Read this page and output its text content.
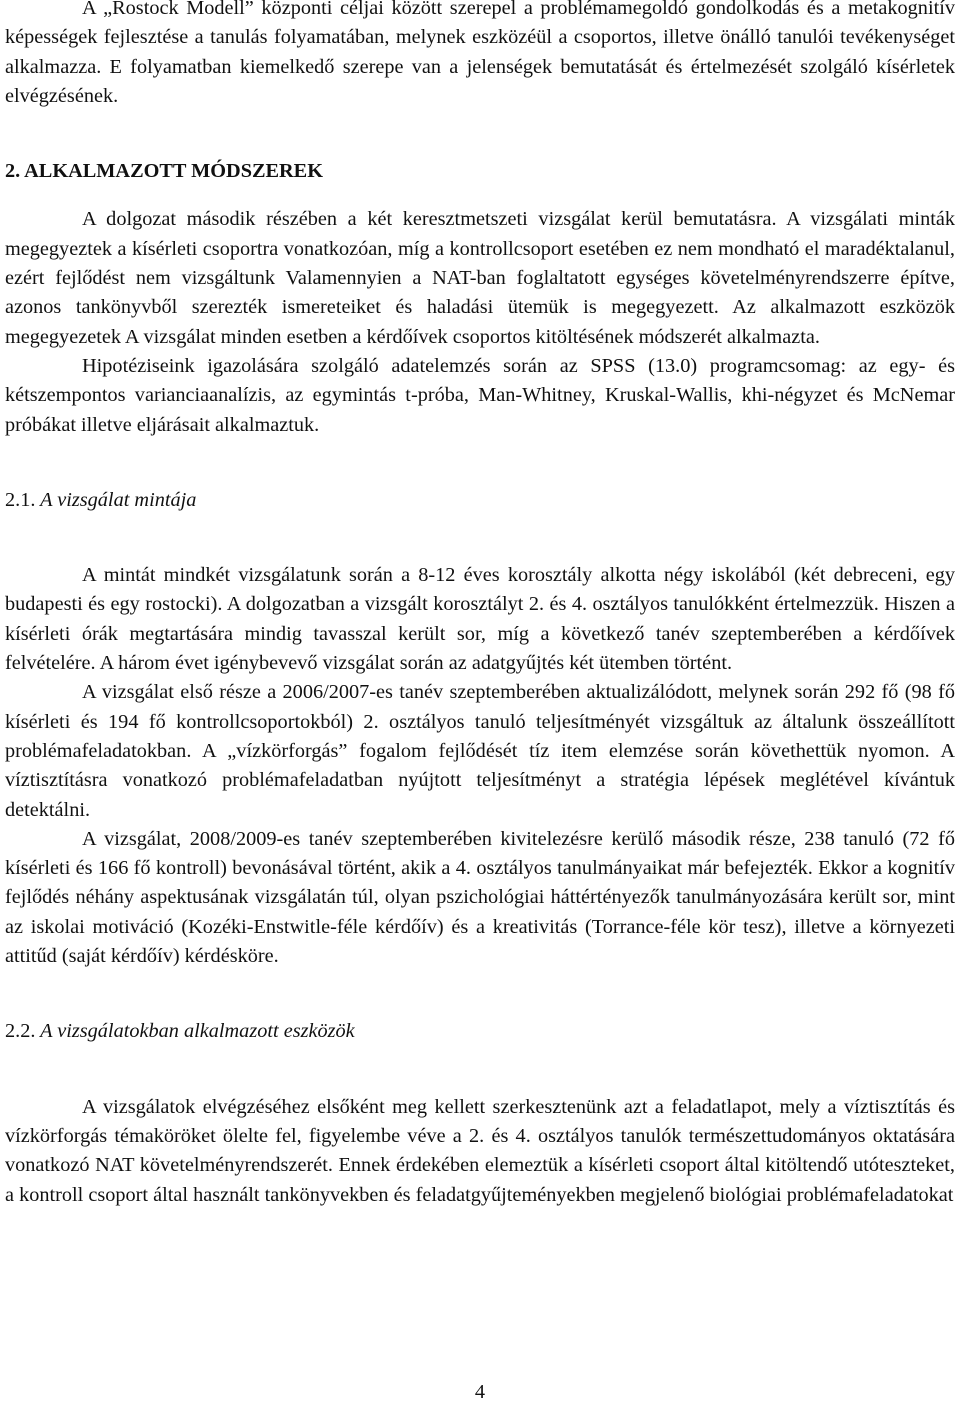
A „Rostock Modell” központi céljai között szerepel a problémamegoldó gondolkodás és a metakognitív képességek fejlesztése a tanulás folyamatában, melynek eszközéül a csoportos, illetve önálló tanulói tevékenységet alkalmazza. E folyamatban kiemelkedő szerepe van a jelenségek bemutatását és értelmezését szolgáló kísérletek elvégzésének.

2. ALKALMAZOTT MÓDSZEREK

A dolgozat második részében a két keresztmetszeti vizsgálat kerül bemutatásra. A vizsgálati minták megegyeztek a kísérleti csoportra vonatkozóan, míg a kontrollcsoport esetében ez nem mondható el maradéktalanul, ezért fejlődést nem vizsgáltunk Valamennyien a NAT-ban foglaltatott egységes követelményrendszerre építve, azonos tankönyvből szerezték ismereteiket és haladási ütemük is megegyezett. Az alkalmazott eszközök megegyezetek A vizsgálat minden esetben a kérdőívek csoportos kitöltésének módszerét alkalmazta.

Hipotéziseink igazolására szolgáló adatelemzés során az SPSS (13.0) programcsomag: az egy- és kétszempontos varianciaanalízis, az egymintás t-próba, Man-Whitney, Kruskal-Wallis, khi-négyzet és McNemar próbákat illetve eljárásait alkalmaztuk.

2.1. A vizsgálat mintája

A mintát mindkét vizsgálatunk során a 8-12 éves korosztály alkotta négy iskolából (két debreceni, egy budapesti és egy rostocki). A dolgozatban a vizsgált korosztályt 2. és 4. osztályos tanulókként értelmezzük. Hiszen a kísérleti órák megtartására mindig tavasszal került sor, míg a következő tanév szeptemberében a kérdőívek felvételére. A három évet igénybevevő vizsgálat során az adatgyűjtés két ütemben történt.

A vizsgálat első része a 2006/2007-es tanév szeptemberében aktualizálódott, melynek során 292 fő (98 fő kísérleti és 194 fő kontrollcsoportokból) 2. osztályos tanuló teljesítményét vizsgáltuk az általunk összeállított problémafeladatokban. A „vízkörforgás” fogalom fejlődését tíz item elemzése során követhettük nyomon. A víztisztításra vonatkozó problémafeladatban nyújtott teljesítményt a stratégia lépések meglétével kívántuk detektálni.

A vizsgálat, 2008/2009-es tanév szeptemberében kivitelezésre kerülő második része, 238 tanuló (72 fő kísérleti és 166 fő kontroll) bevonásával történt, akik a 4. osztályos tanulmányaikat már befejezték. Ekkor a kognitív fejlődés néhány aspektusának vizsgálatán túl, olyan pszichológiai háttértényezők tanulmányozására került sor, mint az iskolai motiváció (Kozéki-Enstwitle-féle kérdőív) és a kreativitás (Torrance-féle kör tesz), illetve a környezeti attitűd (saját kérdőív) kérdésköre.

2.2. A vizsgálatokban alkalmazott eszközök

A vizsgálatok elvégzéséhez elsőként meg kellett szerkesztenünk azt a feladatlapot, mely a víztisztítás és vízkörforgás témaköröket ölelte fel, figyelembe véve a 2. és 4. osztályos tanulók természettudományos oktatására vonatkozó NAT követelményrendszerét. Ennek érdekében elemeztük a kísérleti csoport által kitöltendő utóteszteket, a kontroll csoport által használt tankönyvekben és feladatgyűjteményekben megjelenő biológiai problémafeladatokat

4
